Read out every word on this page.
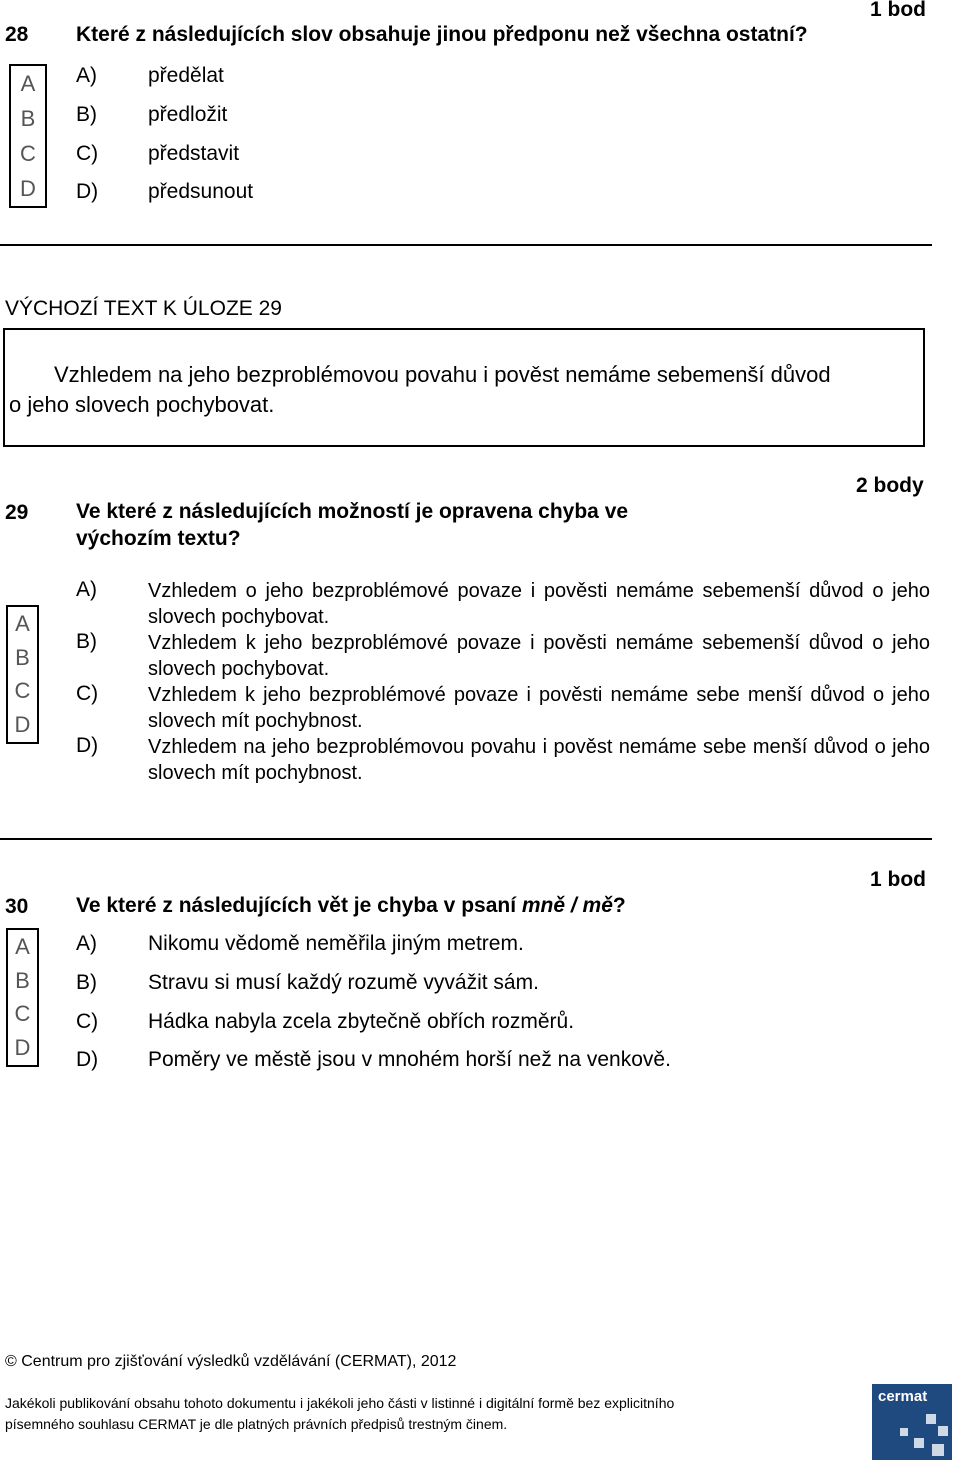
1 bod
28 Které z následujících slov obsahuje jinou předponu než všechna ostatní?
A
B
C
D
A) předělat
B) předložit
C) představit
D) předsunout
VÝCHOZÍ TEXT K ÚLOZE 29
Vzhledem na jeho bezproblémovou povahu i pověst nemáme sebemenší důvod
o jeho slovech pochybovat.
2 body
29 Ve které z následujících možností je opravena chyba ve
výchozím textu?
A
B
C
D
A)	Vzhledem o jeho bezproblémové povaze i pověsti nemáme sebemenší důvod o jeho slovech pochybovat.
B)	Vzhledem k jeho bezproblémové povaze i pověsti nemáme sebemenší důvod o jeho slovech pochybovat.
C) Vzhledem k jeho bezproblémové povaze i pověsti nemáme sebe menší důvod o jeho slovech mít pochybnost.
D) Vzhledem na jeho bezproblémovou povahu i pověst nemáme sebe menší důvod o jeho slovech mít pochybnost.
1 bod
30 Ve které z následujících vět je chyba v psaní mně / mě?
A
B
C
D
A) Nikomu vědomě neměřila jiným metrem.
B) Stravu si musí každý rozumě vyvážit sám.
C) Hádka nabyla zcela zbytečně obřích rozměrů.
D) Poměry ve městě jsou v mnohém horší než na venkově.
© Centrum pro zjišťování výsledků vzdělávání (CERMAT), 2012
Jakékoli publikování obsahu tohoto dokumentu i jakékoli jeho části v listinné i digitální formě bez explicitního
písemného souhlasu CERMAT je dle platných právních předpisů trestným činem.
cermat
